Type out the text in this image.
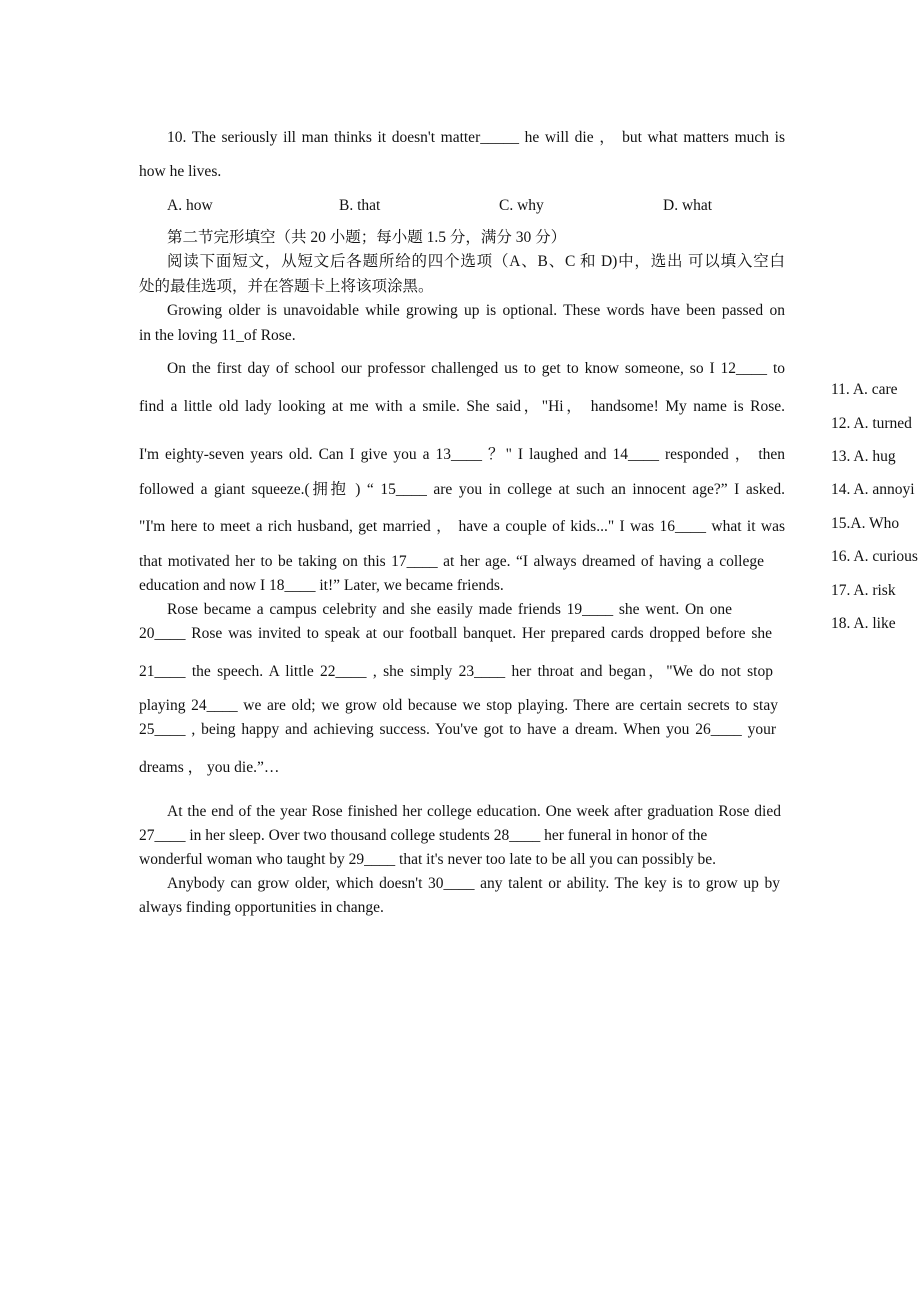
10. The seriously ill man thinks it doesn't matter_____ he will die ， but what matters much is
how he lives.
A. how	B. that	C. why	D. what
第二节完形填空（共 20 小题；每小题 1.5 分，满分 30 分）
阅读下面短文，从短文后各题所给的四个选项（A、B、C 和 D)中，选出 可以填入空白
处的最佳选项，并在答题卡上将该项涂黑。
Growing older is unavoidable while growing up is optional. These words have been passed on
in the loving 11_of Rose.
On the first day of school our professor challenged us to get to know someone, so I 12____ to
find a little old lady looking at me with a smile. She said，"Hi， handsome! My name is Rose.
I'm eighty-seven years old. Can I give you a 13____ ？" I laughed and 14____ responded ， then
followed a giant squeeze.(拥抱 ) “ 15____ are you in college at such an innocent age?” I asked.
"I'm here to meet a rich husband, get married ， have a couple of kids..." I was 16____ what it was
that motivated her to be taking on this 17____ at her age. “I always dreamed of having a college
education and now I 18____ it!” Later, we became friends.
Rose became a campus celebrity and she easily made friends 19____ she went. On one
20____ Rose was invited to speak at our football banquet. Her prepared cards dropped before she
21____ the speech. A little 22____ , she simply 23____ her throat and began，"We do not stop
playing 24____ we are old; we grow old because we stop playing. There are certain secrets to stay
25____ , being happy and achieving success. You've got to have a dream. When you 26____ your
dreams ， you die.”…
At the end of the year Rose finished her college education. One week after graduation Rose died
27____ in her sleep. Over two thousand college students 28____ her funeral in honor of the
wonderful woman who taught by 29____ that it's never too late to be all you can possibly be.
Anybody can grow older, which doesn't 30____ any talent or ability. The key is to grow up by
always finding opportunities in change.
11. A. care
12. A. turned
13. A. hug
14. A. annoyi
15.A. Who
16. A. curious
17. A. risk
18. A. like
